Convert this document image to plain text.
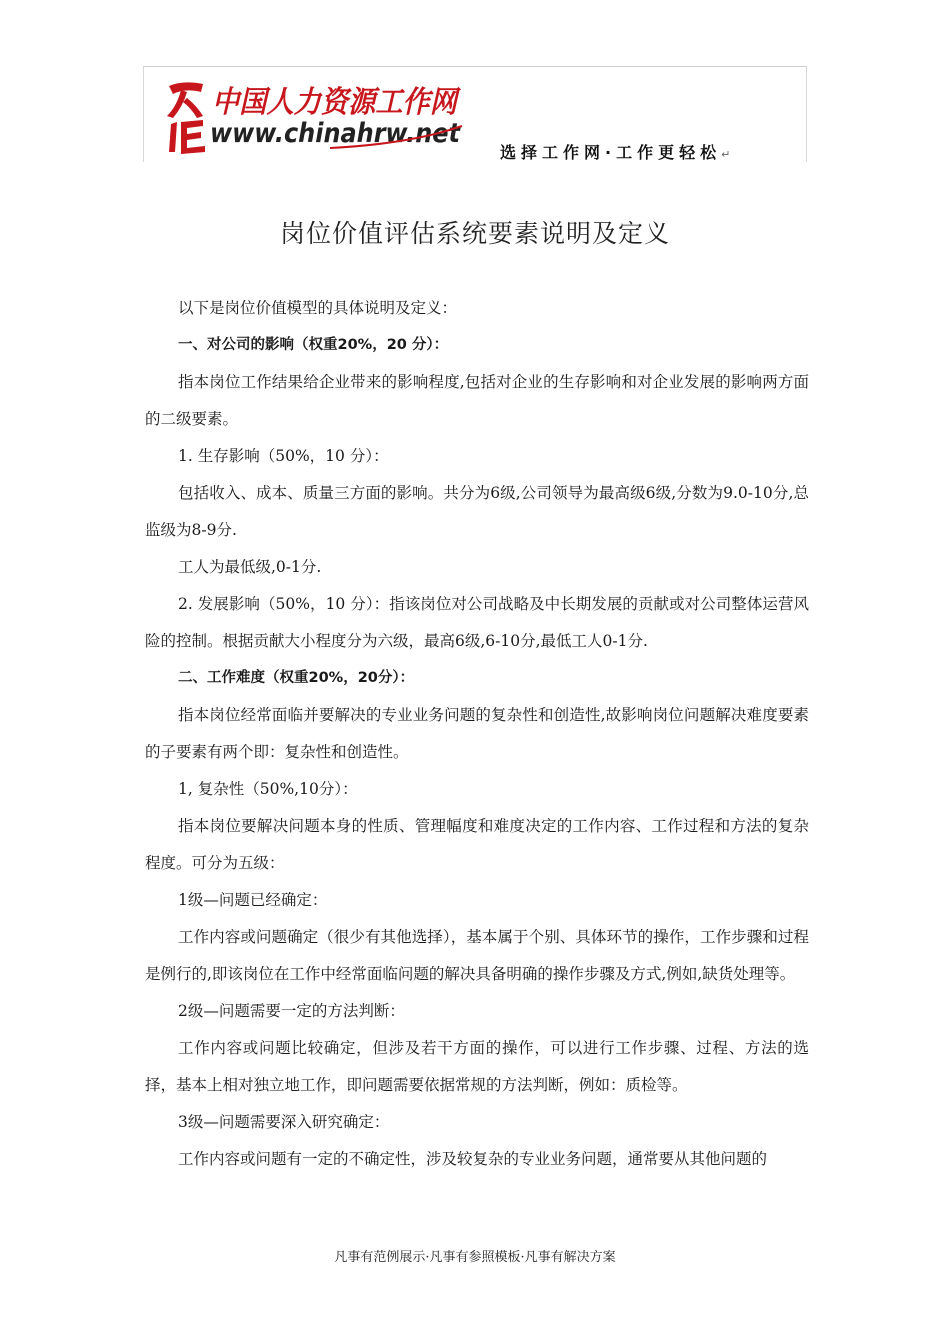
中国人力资源工作网
www.chinahrw.net
选择工作网·工作更轻松↵
岗位价值评估系统要素说明及定义

以下是岗位价值模型的具体说明及定义：

一、对公司的影响（权重20%，20 分）：

指本岗位工作结果给企业带来的影响程度,包括对企业的生存影响和对企业发展的影响两方面的二级要素。

1. 生存影响（50%，10 分）：

包括收入、成本、质量三方面的影响。共分为6级,公司领导为最高级6级,分数为9.0-10分,总监级为8-9分.

工人为最低级,0-1分.

2. 发展影响（50%，10 分）：指该岗位对公司战略及中长期发展的贡献或对公司整体运营风险的控制。根据贡献大小程度分为六级，最高6级,6-10分,最低工人0-1分.

二、工作难度（权重20%，20分）：

指本岗位经常面临并要解决的专业业务问题的复杂性和创造性,故影响岗位问题解决难度要素的子要素有两个即：复杂性和创造性。

1, 复杂性（50%,10分）：

指本岗位要解决问题本身的性质、管理幅度和难度决定的工作内容、工作过程和方法的复杂程度。可分为五级：

1级—问题已经确定：

工作内容或问题确定（很少有其他选择），基本属于个别、具体环节的操作，工作步骤和过程是例行的,即该岗位在工作中经常面临问题的解决具备明确的操作步骤及方式,例如,缺货处理等。

2级—问题需要一定的方法判断：

工作内容或问题比较确定，但涉及若干方面的操作，可以进行工作步骤、过程、方法的选择，基本上相对独立地工作，即问题需要依据常规的方法判断，例如：质检等。

3级—问题需要深入研究确定：

工作内容或问题有一定的不确定性，涉及较复杂的专业业务问题，通常要从其他问题的

凡事有范例展示·凡事有参照模板·凡事有解决方案
